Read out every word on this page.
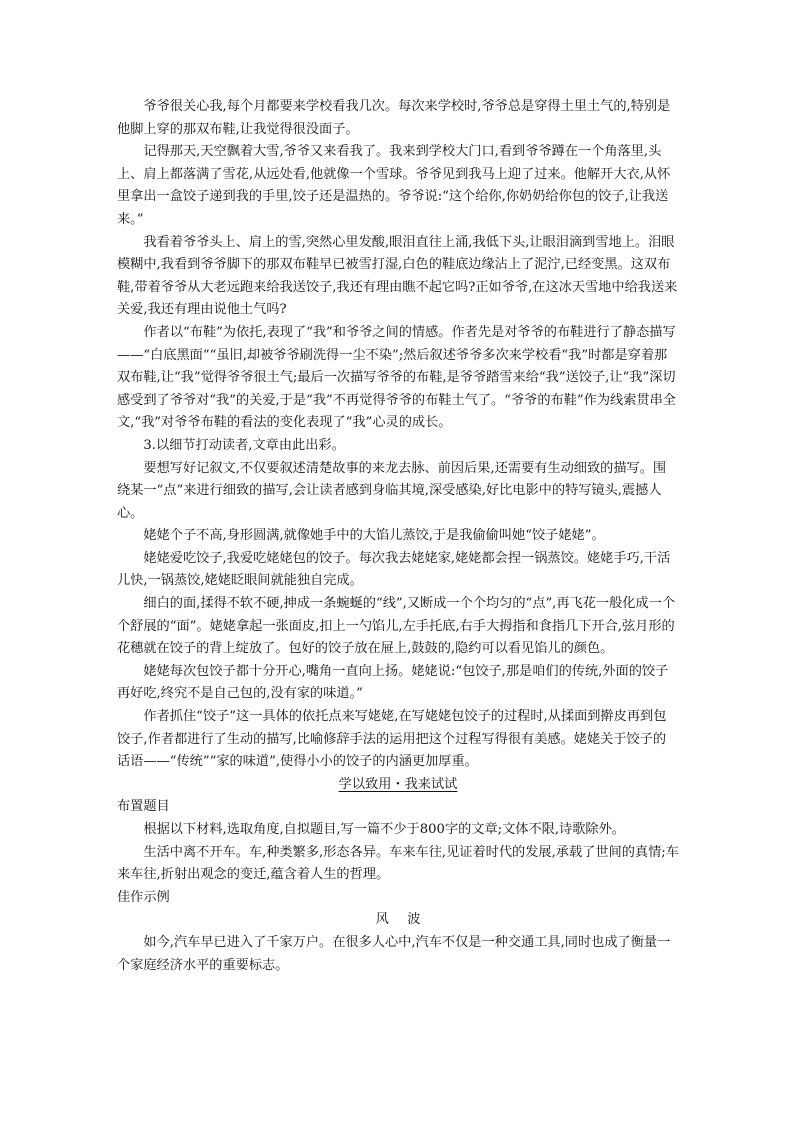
爷爷很关心我,每个月都要来学校看我几次。每次来学校时,爷爷总是穿得土里土气的,特别是他脚上穿的那双布鞋,让我觉得很没面子。

记得那天,天空飘着大雪,爷爷又来看我了。我来到学校大门口,看到爷爷蹲在一个角落里,头上、肩上都落满了雪花,从远处看,他就像一个雪球。爷爷见到我马上迎了过来。他解开大衣,从怀里拿出一盒饺子递到我的手里,饺子还是温热的。爷爷说:“这个给你,你奶奶给你包的饺子,让我送来。”

我看着爷爷头上、肩上的雪,突然心里发酸,眼泪直往上涌,我低下头,让眼泪滴到雪地上。泪眼模糊中,我看到爷爷脚下的那双布鞋早已被雪打湿,白色的鞋底边缘沾上了泥泞,已经变黑。这双布鞋,带着爷爷从大老远跑来给我送饺子,我还有理由瞧不起它吗?正如爷爷,在这冰天雪地中给我送来关爱,我还有理由说他土气吗?

作者以“布鞋”为依托,表现了“我”和爷爷之间的情感。作者先是对爷爷的布鞋进行了静态描写——“白底黑面”“虽旧,却被爷爷刷洗得一尘不染”;然后叙述爷爷多次来学校看“我”时都是穿着那双布鞋,让“我”觉得爷爷很土气;最后一次描写爷爷的布鞋,是爷爷踏雪来给“我”送饺子,让“我”深切感受到了爷爷对“我”的关爱,于是“我”不再觉得爷爷的布鞋土气了。“爷爷的布鞋”作为线索贯串全文,“我”对爷爷布鞋的看法的变化表现了“我”心灵的成长。

3.以细节打动读者,文章由此出彩。

要想写好记叙文,不仅要叙述清楚故事的来龙去脉、前因后果,还需要有生动细致的描写。围绕某一“点”来进行细致的描写,会让读者感到身临其境,深受感染,好比电影中的特写镜头,震撼人心。

姥姥个子不高,身形圆满,就像她手中的大馅儿蒸饺,于是我偷偷叫她“饺子姥姥”。

姥姥爱吃饺子,我爱吃姥姥包的饺子。每次我去姥姥家,姥姥都会捏一锅蒸饺。姥姥手巧,干活儿快,一锅蒸饺,姥姥眨眼间就能独自完成。

细白的面,揉得不软不硬,抻成一条蜿蜒的“线”,又断成一个个均匀的“点”,再飞花一般化成一个个舒展的“面”。姥姥拿起一张面皮,扣上一勺馅儿,左手托底,右手大拇指和食指几下开合,弦月形的花穗就在饺子的背上绽放了。包好的饺子放在屉上,鼓鼓的,隐约可以看见馅儿的颜色。

姥姥每次包饺子都十分开心,嘴角一直向上扬。姥姥说:“包饺子,那是咱们的传统,外面的饺子再好吃,终究不是自己包的,没有家的味道。”

作者抓住“饺子”这一具体的依托点来写姥姥,在写姥姥包饺子的过程时,从揉面到擀皮再到包饺子,作者都进行了生动的描写,比喻修辞手法的运用把这个过程写得很有美感。姥姥关于饺子的话语——“传统”“家的味道”,使得小小的饺子的内涵更加厚重。

学以致用・我来试试

布置题目

根据以下材料,选取角度,自拟题目,写一篇不少于800字的文章;文体不限,诗歌除外。

生活中离不开车。车,种类繁多,形态各异。车来车往,见证着时代的发展,承载了世间的真情;车来车往,折射出观念的变迁,蕴含着人生的哲理。

佳作示例

风波

如今,汽车早已进入了千家万户。在很多人心中,汽车不仅是一种交通工具,同时也成了衡量一个家庭经济水平的重要标志。
